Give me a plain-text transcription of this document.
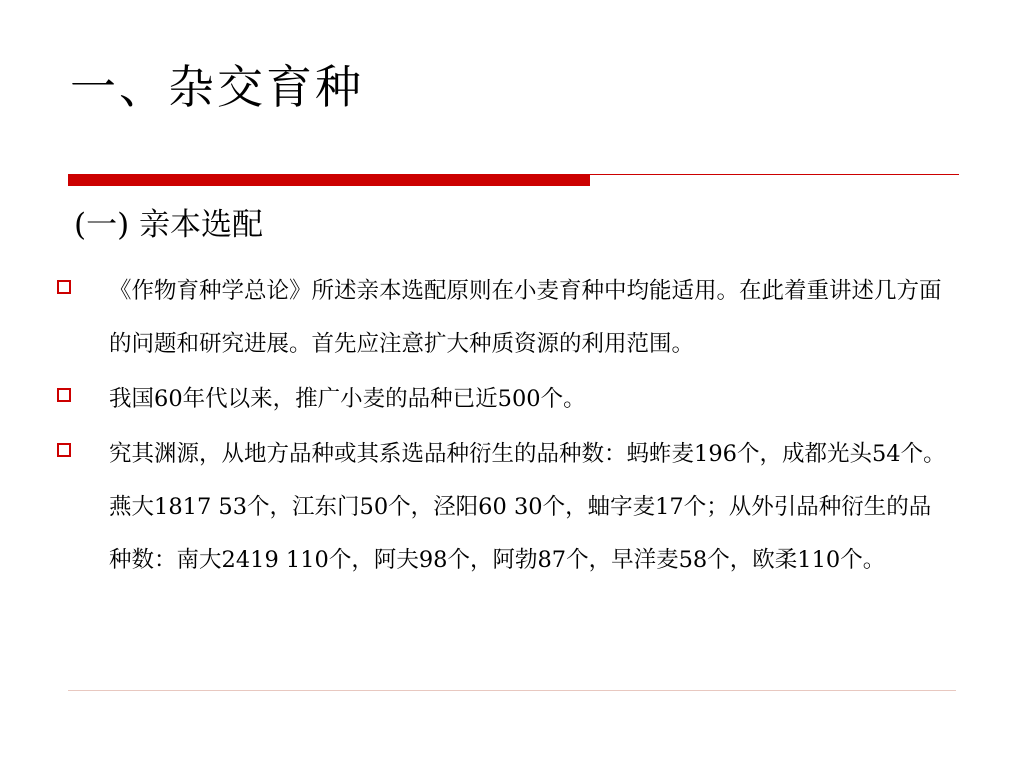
一、杂交育种
(一) 亲本选配
《作物育种学总论》所述亲本选配原则在小麦育种中均能适用。在此着重讲述几方面的问题和研究进展。首先应注意扩大种质资源的利用范围。
我国60年代以来，推广小麦的品种已近500个。
究其渊源，从地方品种或其系选品种衍生的品种数：蚂蚱麦196个，成都光头54个。燕大1817 53个，江东门50个，泾阳60 30个，蚰字麦17个；从外引品种衍生的品种数：南大2419 110个，阿夫98个，阿勃87个，早洋麦58个，欧柔110个。
